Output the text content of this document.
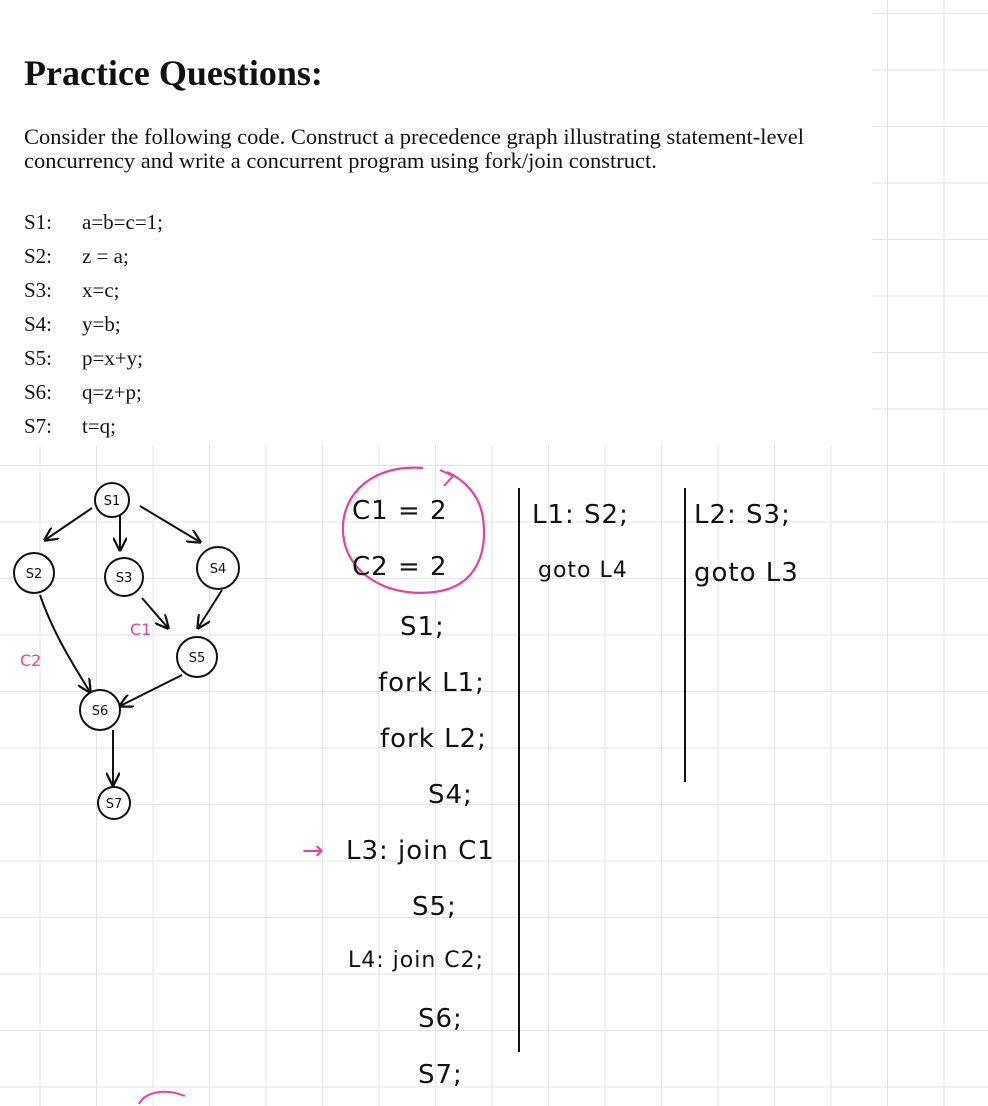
Practice Questions:

Consider the following code. Construct a precedence graph illustrating statement-level concurrency and write a concurrent program using fork/join construct.

S1:	a=b=c=1;
S2:	z = a;
S3:	x=c;
S4:	y=b;
S5:	p=x+y;
S6:	q=z+p;
S7:	t=q;
S1
S2	S3
S4
S5
S6
S7
C1
C2
C1 = 2
C2 = 2
S1;
fork L1;
fork L2;
S4;
→ L3: join C1
S5;
L4: join C2;
S6;
S7;
L1: S2;
goto L4
L2: S3;
goto L3
